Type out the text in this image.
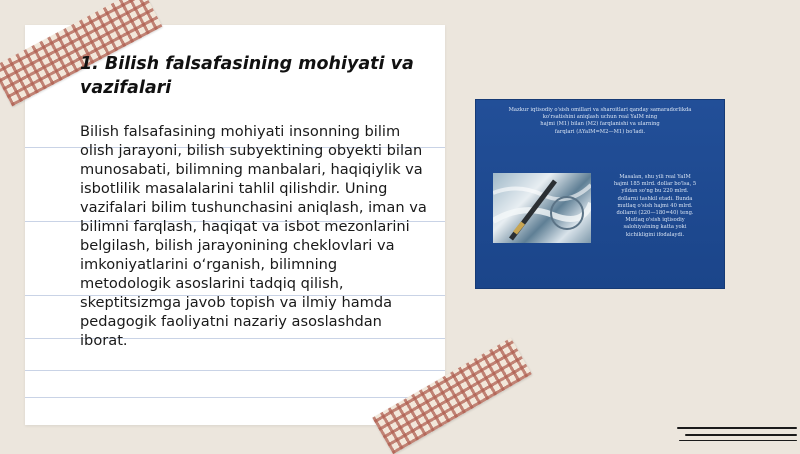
1. Bilish falsafasining mohiyati va
vazifalari

Bilish falsafasining mohiyati insonning bilim olish jarayoni, bilish subyektining obyekti bilan munosabati, bilimning manbalari, haqiqiylik va isbotlilik masalalarini tahlil qilishdir. Uning vazifalari bilim tushunchasini aniqlash, iman va bilimni farqlash, haqiqat va isbot mezonlarini belgilash, bilish jarayonining cheklovlari va imkoniyatlarini o‘rganish, bilimning metodologik asoslarini tadqiq qilish, skeptitsizmga javob topish va ilmiy hamda pedagogik faoliyatni nazariy asoslashdan iborat.

Mazkur iqtisodiy o'sish omillari va sharoitlari qanday samaradorlikda
ko'rsatishini aniqlash uchun real YaIM ning
hajmi (M1) bilan (M2) farqlanishi va ularning
farqlari (ΔYaIM=M2—M1) bo'ladi.

Masalan, shu yili real YaIM
hajmi 185 mlrd. dollar bo'lsa, 5
yildan so'ng bu 220 mlrd.
dollarni tashkil etadi. Bunda
mutlaq o'sish hajmi 40 mlrd.
dollarni (220—180=40) teng.
Mutlaq o'sish iqtisodiy
salohiyatning katta yoki
kichikligini ifodalaydi.
